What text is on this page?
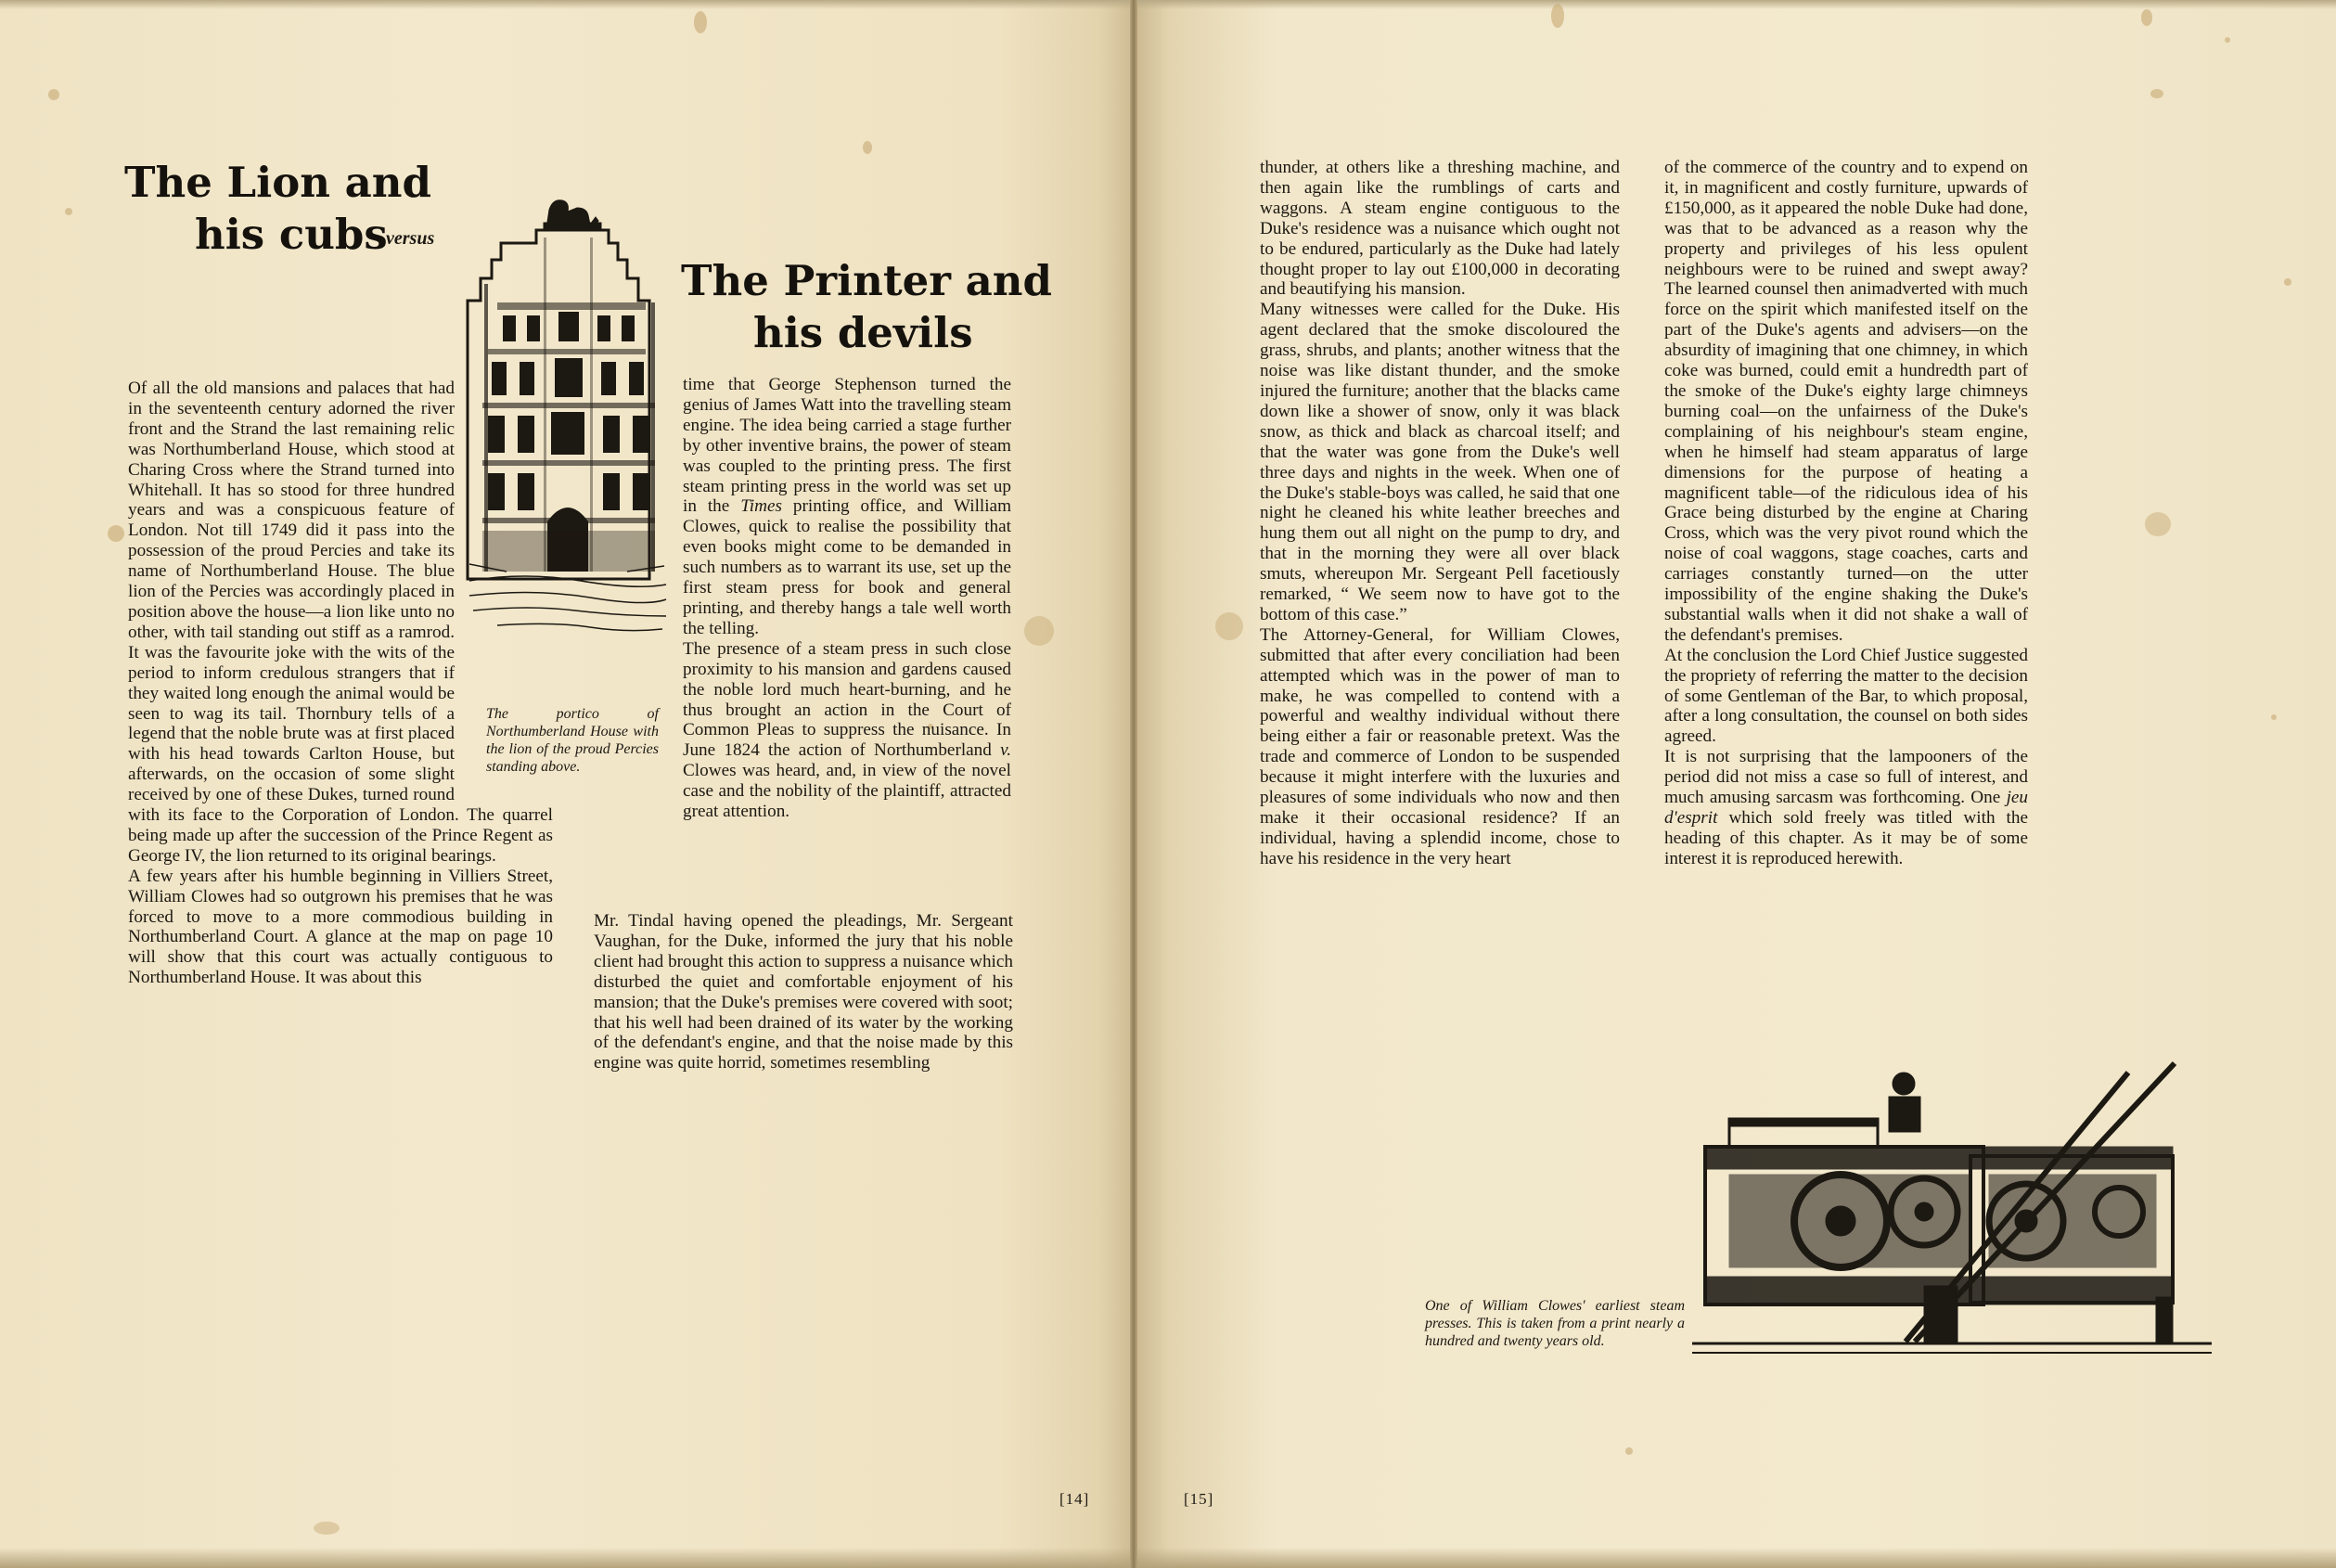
The Lion and
his cubs
versus
The Printer and
his devils
The portico of Northumberland House with the lion of the proud Percies standing above.

Of all the old mansions and palaces that had in the seventeenth century adorned the river front and the Strand the last remaining relic was Northumberland House, which stood at Charing Cross where the Strand turned into Whitehall. It has so stood for three hundred years and was a conspicuous feature of London. Not till 1749 did it pass into the possession of the proud Percies and take its name of Northumberland House. The blue lion of the Percies was accordingly placed in position above the house—a lion like unto no other, with tail standing out stiff as a ramrod. It was the favourite joke with the wits of the period to inform credulous strangers that if they waited long enough the animal would be seen to wag its tail. Thornbury tells of a legend that the noble brute was at first placed with his head towards Carlton House, but afterwards, on the occasion of some slight received by one of these Dukes, turned round with its face to the Corporation of London. The quarrel being made up after the succession of the Prince Regent as George IV, the lion returned to its original bearings.

A few years after his humble beginning in Villiers Street, William Clowes had so outgrown his premises that he was forced to move to a more commodious building in Northumberland Court. A glance at the map on page 10 will show that this court was actually contiguous to Northumberland House. It was about this

time that George Stephenson turned the genius of James Watt into the travelling steam engine. The idea being carried a stage further by other inventive brains, the power of steam was coupled to the printing press. The first steam printing press in the world was set up in the Times printing office, and William Clowes, quick to realise the possibility that even books might come to be demanded in such numbers as to warrant its use, set up the first steam press for book and general printing, and thereby hangs a tale well worth the telling.

The presence of a steam press in such close proximity to his mansion and gardens caused the noble lord much heart-burning, and he thus brought an action in the Court of Common Pleas to suppress the nuisance. In June 1824 the action of Northumberland v. Clowes was heard, and, in view of the novel case and the nobility of the plaintiff, attracted great attention.

Mr. Tindal having opened the pleadings, Mr. Sergeant Vaughan, for the Duke, informed the jury that his noble client had brought this action to suppress a nuisance which disturbed the quiet and comfortable enjoyment of his mansion; that the Duke's premises were covered with soot; that his well had been drained of its water by the working of the defendant's engine, and that the noise made by this engine was quite horrid, sometimes resembling

[14]

thunder, at others like a threshing machine, and then again like the rumblings of carts and waggons. A steam engine contiguous to the Duke's residence was a nuisance which ought not to be endured, particularly as the Duke had lately thought proper to lay out £100,000 in decorating and beautifying his mansion.

Many witnesses were called for the Duke. His agent declared that the smoke discoloured the grass, shrubs, and plants; another witness that the noise was like distant thunder, and the smoke injured the furniture; another that the blacks came down like a shower of snow, only it was black snow, as thick and black as charcoal itself; and that the water was gone from the Duke's well three days and nights in the week. When one of the Duke's stable-boys was called, he said that one night he cleaned his white leather breeches and hung them out all night on the pump to dry, and that in the morning they were all over black smuts, whereupon Mr. Sergeant Pell facetiously remarked, “ We seem now to have got to the bottom of this case.”

The Attorney-General, for William Clowes, submitted that after every conciliation had been attempted which was in the power of man to make, he was compelled to contend with a powerful and wealthy individual without there being either a fair or reasonable pretext. Was the trade and commerce of London to be suspended because it might interfere with the luxuries and pleasures of some individuals who now and then make it their occasional residence? If an individual, having a splendid income, chose to have his residence in the very heart

of the commerce of the country and to expend on it, in magnificent and costly furniture, upwards of £150,000, as it appeared the noble Duke had done, was that to be advanced as a reason why the property and privileges of his less opulent neighbours were to be ruined and swept away? The learned counsel then animadverted with much force on the spirit which manifested itself on the part of the Duke's agents and advisers—on the absurdity of imagining that one chimney, in which coke was burned, could emit a hundredth part of the smoke of the Duke's eighty large chimneys burning coal—on the unfairness of the Duke's complaining of his neighbour's steam engine, when he himself had steam apparatus of large dimensions for the purpose of heating a magnificent table—of the ridiculous idea of his Grace being disturbed by the engine at Charing Cross, which was the very pivot round which the noise of coal waggons, stage coaches, carts and carriages constantly turned—on the utter impossibility of the engine shaking the Duke's substantial walls when it did not shake a wall of the defendant's premises.

At the conclusion the Lord Chief Justice suggested the propriety of referring the matter to the decision of some Gentleman of the Bar, to which proposal, after a long consultation, the counsel on both sides agreed.

It is not surprising that the lampooners of the period did not miss a case so full of interest, and much amusing sarcasm was forthcoming. One jeu d'esprit which sold freely was titled with the heading of this chapter. As it may be of some interest it is reproduced herewith.

One of William Clowes' earliest steam presses. This is taken from a print nearly a hundred and twenty years old.
[15]
